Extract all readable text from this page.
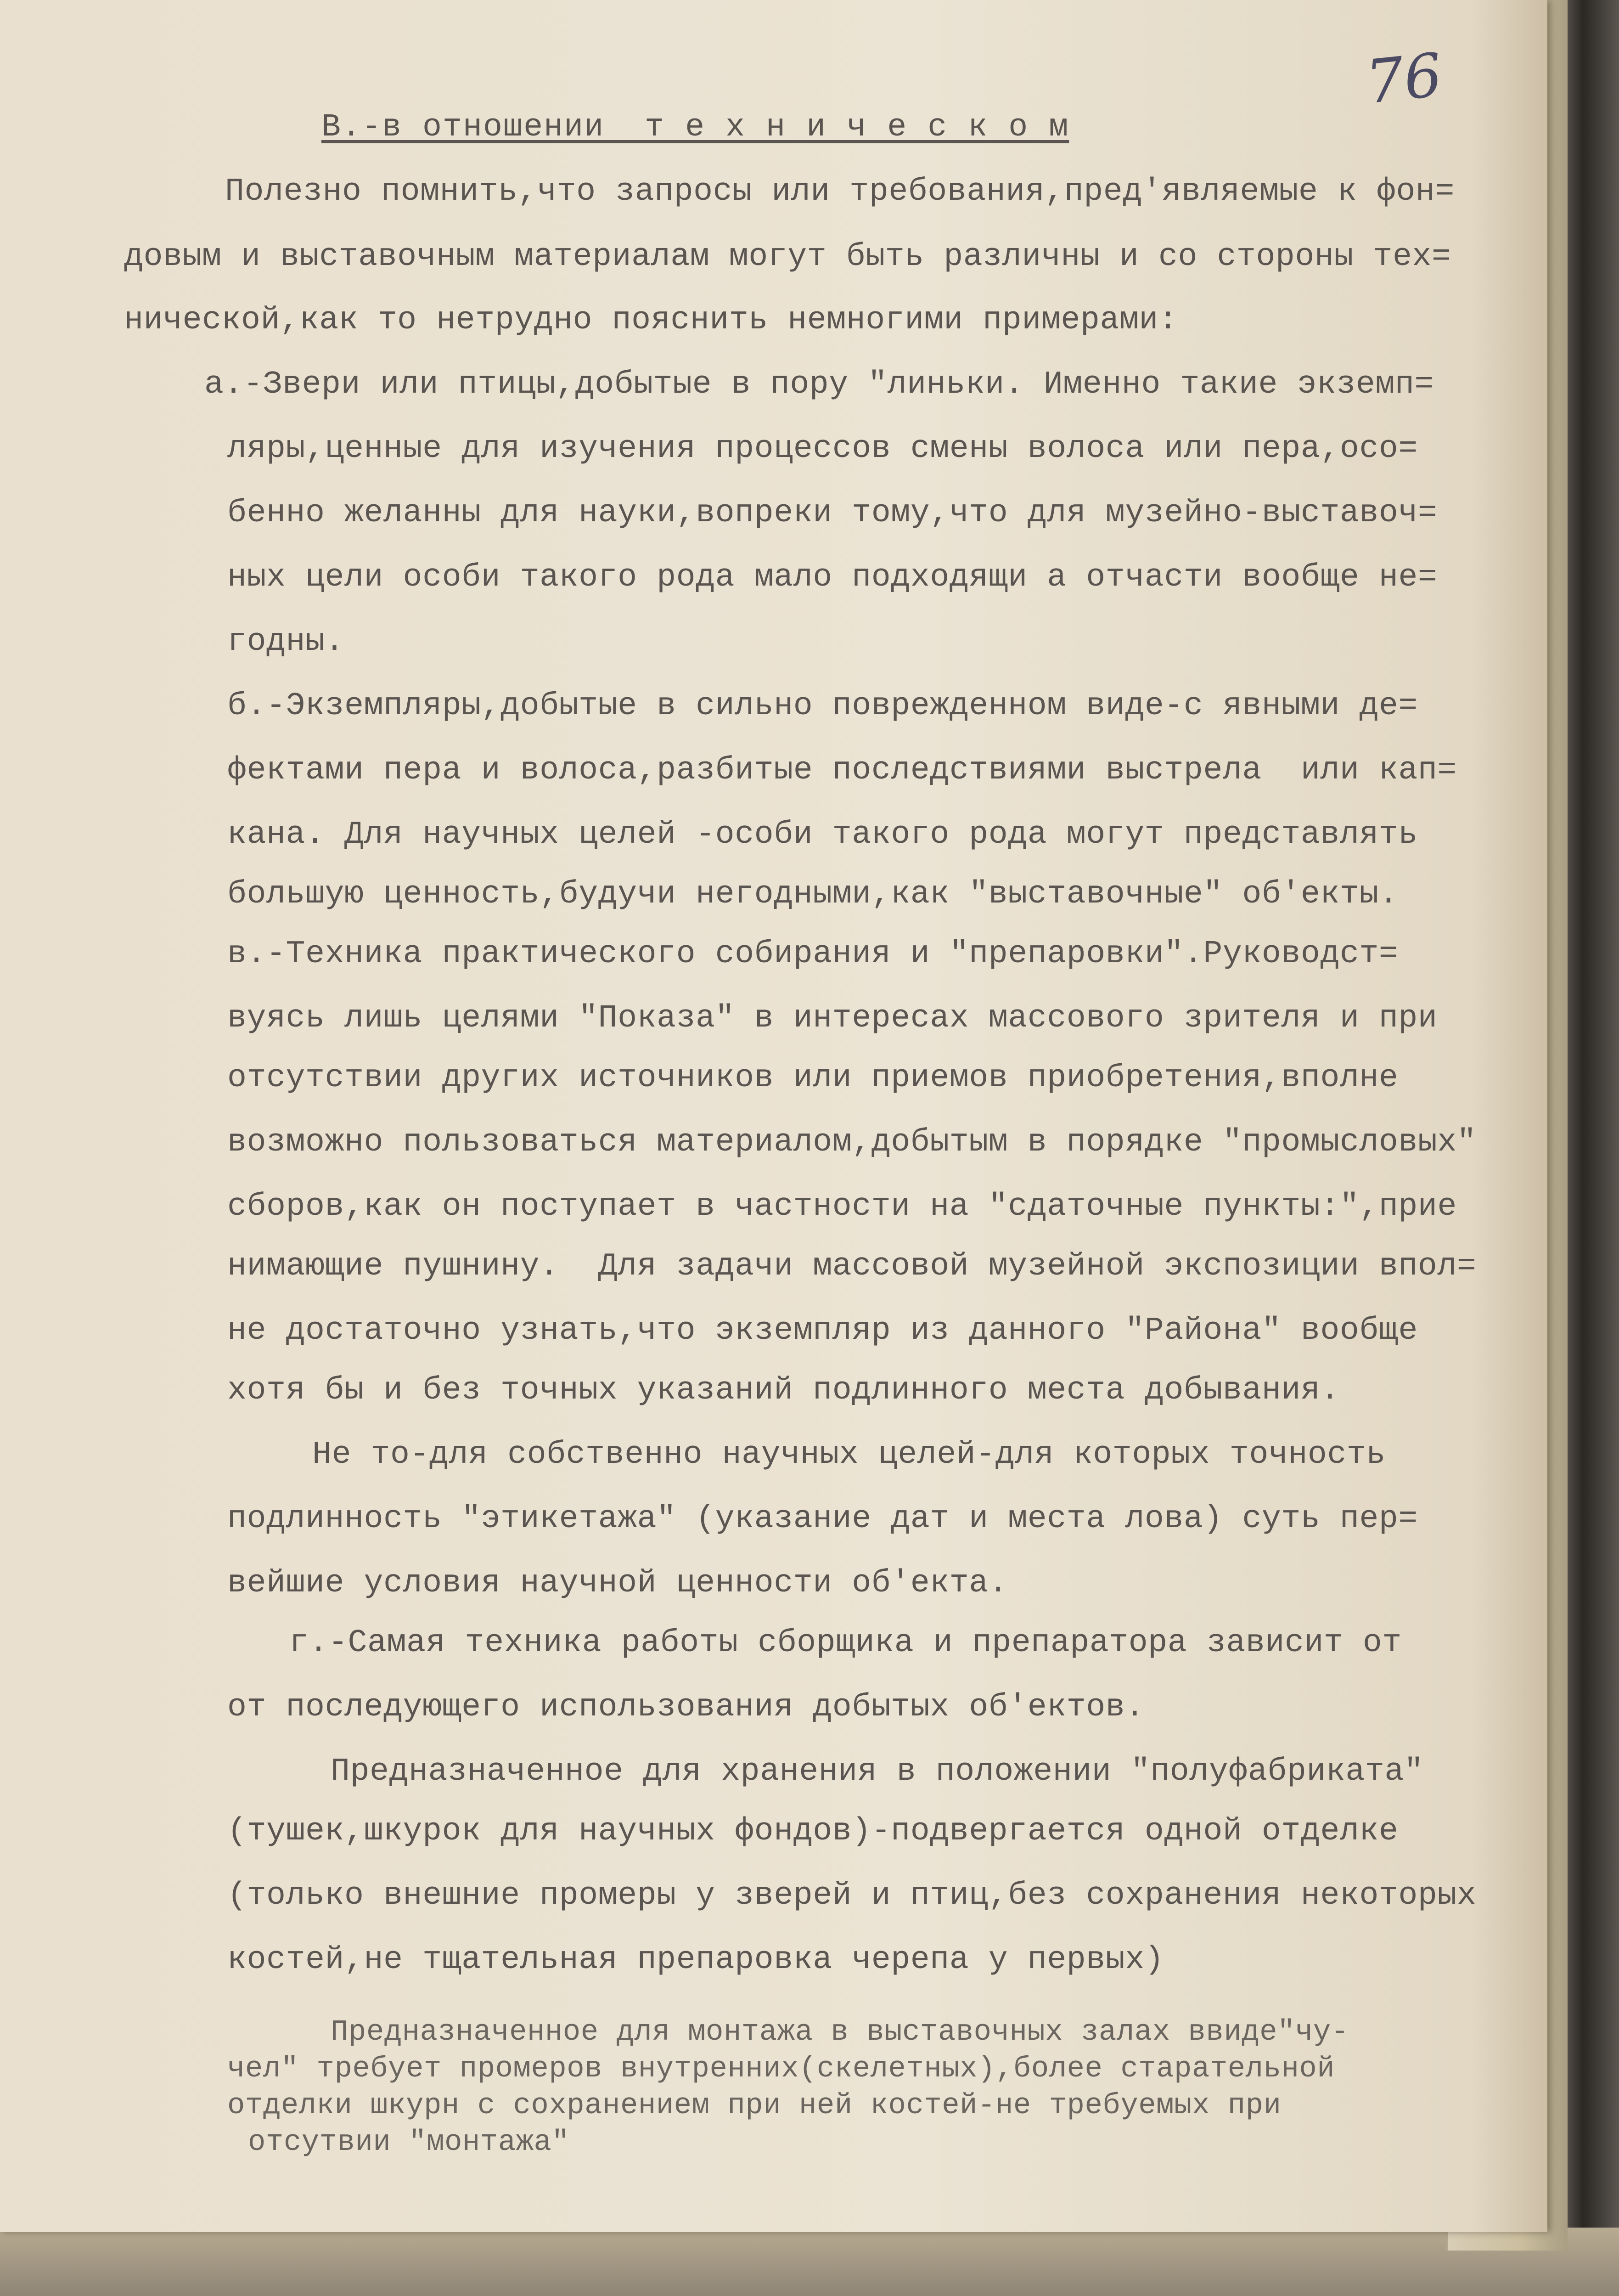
76
В.-в отношении  т е х н и ч е с к о м
Полезно помнить,что запросы или требования,пред'являемые к фон=
довым и выставочным материалам могут быть различны и со стороны тех=
нической,как то нетрудно пояснить немногими примерами:
а.-Звери или птицы,добытые в пору "линьки. Именно такие экземп=
ляры,ценные для изучения процессов смены волоса или пера,осо=
бенно желанны для науки,вопреки тому,что для музейно-выставоч=
ных цели особи такого рода мало подходящи а отчасти вообще не=
годны.
б.-Экземпляры,добытые в сильно поврежденном виде-с явными де=
фектами пера и волоса,разбитые последствиями выстрела  или кап=
кана. Для научных целей -особи такого рода могут представлять
большую ценность,будучи негодными,как "выставочные" об'екты.
в.-Техника практического собирания и "препаровки".Руководст=
вуясь лишь целями "Показа" в интересах массового зрителя и при
отсутствии других источников или приемов приобретения,вполне
возможно пользоваться материалом,добытым в порядке "промысловых"
сборов,как он поступает в частности на "сдаточные пункты:",прие
нимающие пушнину.  Для задачи массовой музейной экспозиции впол=
не достаточно узнать,что экземпляр из данного "Района" вообще
хотя бы и без точных указаний подлинного места добывания.
Не то-для собственно научных целей-для которых точность
подлинность "этикетажа" (указание дат и места лова) суть пер=
вейшие условия научной ценности об'екта.
г.-Самая техника работы сборщика и препаратора зависит от
от последующего использования добытых об'ектов.
Предназначенное для хранения в положении "полуфабриката"
(тушек,шкурок для научных фондов)-подвергается одной отделке
(только внешние промеры у зверей и птиц,без сохранения некоторых
костей,не тщательная препаровка черепа у первых)
Предназначенное для монтажа в выставочных залах ввиде"чу-
чел" требует промеров внутренних(скелетных),более старательной
отделки шкурн с сохранением при ней костей-не требуемых при
отсутвии "монтажа"
